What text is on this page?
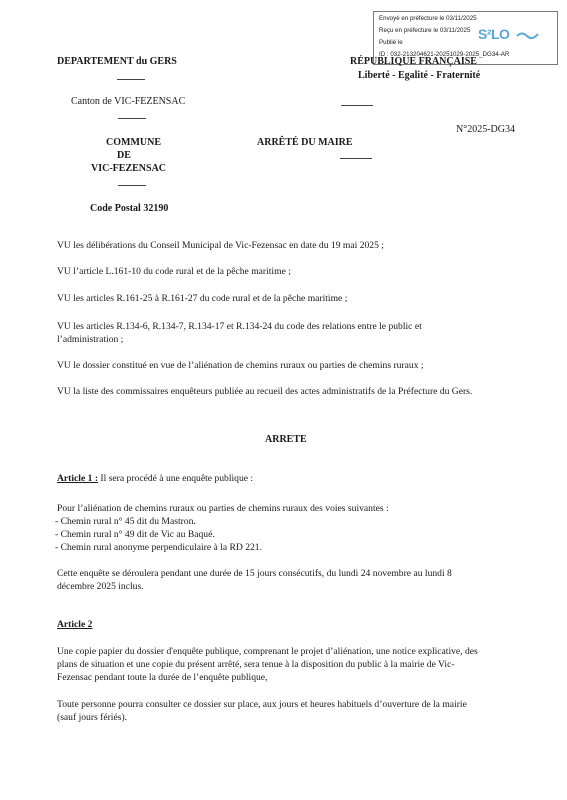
Envoyé en préfecture le 03/11/2025
Reçu en préfecture le 03/11/2025
Publié le
ID : 032-213204621-20251029-2025_DG34-AR
S²LO
DEPARTEMENT du GERS
Canton de VIC-FEZENSAC
COMMUNE
DE
VIC-FEZENSAC
Code Postal 32190
RÉPUBLIQUE FRANÇAISE
Liberté - Egalité - Fraternité
N°2025-DG34
ARRÊTÉ DU MAIRE
VU les délibérations du Conseil Municipal de Vic-Fezensac en date du 19 mai 2025 ;
VU l’article L.161-10 du code rural et de la pêche maritime ;
VU les articles R.161-25 à R.161-27 du code rural et de la pêche maritime ;
VU les articles R.134-6, R.134-7, R.134-17 et R.134-24 du code des relations entre le public et
l’administration ;
VU le dossier constitué en vue de l’aliénation de chemins ruraux ou parties de chemins ruraux ;
VU la liste des commissaires enquêteurs publiée au recueil des actes administratifs de la Préfecture du Gers.
ARRETE
Article 1 : Il sera procédé à une enquête publique :
Pour l’aliénation de chemins ruraux ou parties de chemins ruraux des voies suivantes :
- Chemin rural n° 45 dit du Mastron.
- Chemin rural n° 49 dit de Vic au Baqué.
- Chemin rural anonyme perpendiculaire à la RD 221.
Cette enquête se déroulera pendant une durée de 15 jours consécutifs, du lundi 24 novembre au lundi 8
décembre 2025 inclus.
Article 2
Une copie papier du dossier d'enquête publique, comprenant le projet d’aliénation, une notice explicative, des
plans de situation et une copie du présent arrêté, sera tenue à la disposition du public à la mairie de Vic-
Fezensac pendant toute la durée de l’enquête publique,
Toute personne pourra consulter ce dossier sur place, aux jours et heures habituels d’ouverture de la mairie
(sauf jours fériés).
